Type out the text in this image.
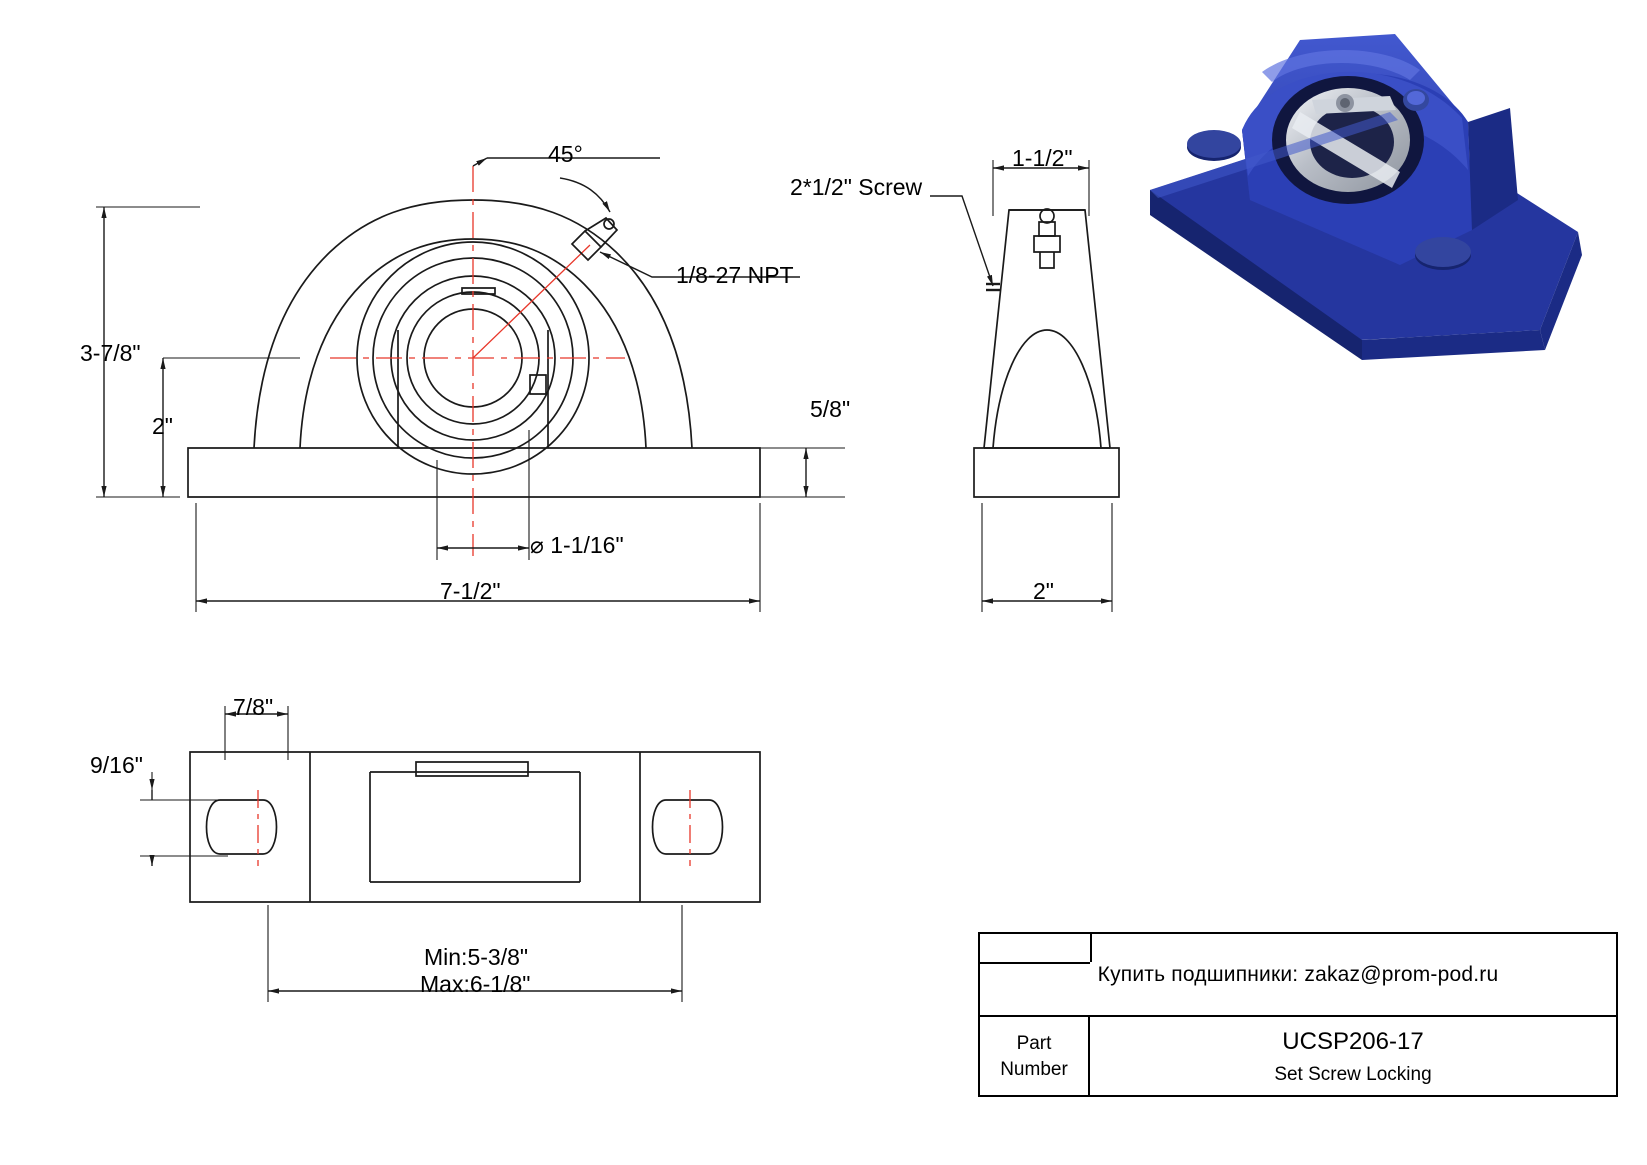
3-7/8"
2"
5/8"
⌀ 1-1/16"
7-1/2"
45°
1/8-27 NPT
1-1/2"
2"
2*1/2" Screw
7/8"
9/16"
Min:5-3/8"
Max:6-1/8"	Купить подшипники: zakaz@prom-pod.ru
Part
Number
UCSP206-17
Set Screw Locking
